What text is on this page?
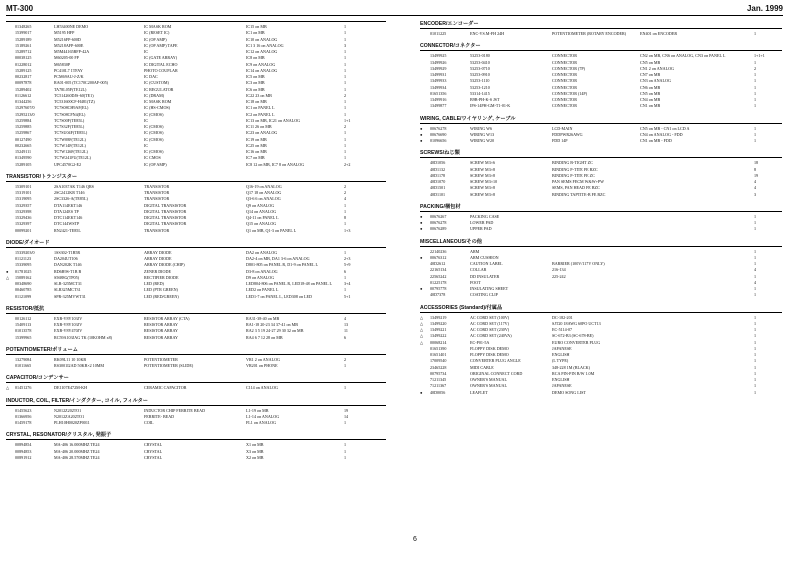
MT-300	Jan. 1999
01348265	LH53400NE DEMO	IC MASK ROM	IC15 on MB	1
15399017	M5195 HFP	IC (RESET IC)	IC1 on MB	1
15289189	M5216FP-600D	IC (OP AMP)	IC10 on ANALOG	1
15189261	M5218AFP-600E	IC (OP AMP) TAPE	IC1 3 16 on ANALOG	3
15289712	M5M44165BFP-42A	IC	IC12 on ANALOG	1
00038125	M60205-00 FP	IC (GATE ARRAY)	IC8 on MB	1
01228012	M65830P	IC DIGITAL ECHO	IC9 on ANALOG	1
15289125	PC410L7 1TFAY	PHOTO COUPLAR	IC14 on ANALOG	1
00232817	PCM69AU-J-Z/K	IC DAC	IC5 on MB	1
00097878	RA01-005 (TC170C200AF-005)	IC (CUSTOM)	IC3 on MB	1
15289402	TA78L05F(TE12L)	IC REGULATOR	IC6 on MB	1
01126612	TC514260DJS-60(TE1)	IC (DRAM)	IC22 23 on MB	2
01344256	TC531600CF-H481(TZ)	IC MASK ROM	IC18 on MB	1
15297607/0	TC7S08CH9AF(EL)	IC (HS-CMOS)	IC1 on PANEL L	1
15295213/0	TC7S08CFN4(EL)	IC (CMOS)	IC2 on PANEL L	1
15259884	TC7S00F(TE85L)	IC	IC13 on MB, IC21 on ANALOG	1+1
15259885	TC7S32F(TE85L)	IC (CMOS)	IC11 26 on MB	2
15259867	TC7SU04F(TE85L)	IC (CMOS)	IC23 on ANALOG	1
00127490	TC7W08F(TE12L)	IC (CMOS)	IC19 on MB	1
00232665	TC7W14F(TE12L)	IC	IC25 on MB	1
15249111	TC7W126F(TE12L)	IC (CMOS)	IC16 on MB	1
01349590	TC7W241FU(TE12L)	IC CMOS	IC7 on MB	1
15289105	UPC4570G2-E2	IC (OP AMP)	IC8 12 on MB, IC7 8 on ANALOG	2+2
TRANSISTOR/トランジスター
15309101	2SA1037AK T146 QRS	TRANSISTOR	Q16-19 on ANALOG	2
15319101	2SC2412KR T146	TRANSISTOR	Q17 18 on ANALOG	2
15319095	2SC3326-A(TE85L)	TRANSISTOR	Q3-6 6 on ANALOG	4
15329357	DTA114EKT146	DIGITAL TRANSISTOR	Q9 on ANALOG	1
15329398	DTA124ES TP	DIGITAL TRANSISTOR	Q14 on ANALOG	1
15329436	DTC114EKT146	DIGITAL TRANSISTOR	Q4-11 on PANEL L	8
15329397	DTC144WSTP	DIGITAL TRANSISTOR	Q15 on ANALOG	1
00099201	RN2421-TE85L	TRANSISTOR	Q1 on MB, Q1-3 on PANEL L	1+3
DIODE/ダイオード
15339203/0	1SS302-T1B5R	ARRAY DIODE	DA2 on ANALOG	1
01121123	DA204UT106	ARRAY DIODE	DA2-4 on MB, DA1 3-6 on ANALOG	2+3
15339095	DAN202K T146	ARRAY DIODE (CHIP)	D801-805 on PANEL R, D1-9 on PANEL L	5+9
●	01781025	RD6R9S-T1B B	ZENER DIODE	D3-8 on ANALOG	6
△	15089162	S5688G(TP05)	RECTIFIER DIODE	D9 on ANALOG	1
00348690	SLR-325MCT31	LED (RED)	LED804-806 on PANEL R, LED18-48 on PANEL L	3+4
00460785	SLR325MCT31	LED (PTR GREEN)	LED2 on PANEL L	1
01121099	SPR-325MVWT31	LED (RED/GREEN)	LED1-7 on PANEL L, LED308 on LED	5+1
RESISTOR/抵抗
00126112	EXB-V8V103JV	RESISTOR ARRAY (CTA)	RA31-38-40 on MB	4
15409113	EXB-V8V103JV	RESISTOR ARRAY	RA1-18 20-23 34 37-41 on MB	13
01013578	EXB-V8V470JV	RESISTOR ARRAY	RA2 3 5 19 24-27 29 30 32 on MB	11
15399965	RC59A103JAG TK (10KOHM x8)	RESISTOR ARRAY	RA4 6 7 12 28 on MB	6
POTENTIOMETER/ボリューム
13279084	RK09L11 10 10KB	POTENTIOMETER	VR1 2 on ANALOG	2
01011665	RS3001I2AD 50KB×2 10MM	POTENTIOMETER (SLIDE)	VR201 on PHONE	1
CAPACITOR/コンデンサー
△	01451276	DE1107E472M-KH	CERAMIC CAPACITOR	C114 on ANALOG	1
INDUCTOR, COIL, FILTER/インダクター, コイル, フィルター
01455623	N2012Z202TO1	INDUCTOR CHIP FERRITE BEAD	L1-19 on MB	19
01366956	N2012ZA202TO1	FERRITE- BEAD	L1-14 on ANALOG	14
01459178	PLH10H0020ZP0011	COIL	FL1 on ANALOG	1
CRYSTAL, RESONATOR/クリスタル, 発振子
00894854	MA-406 16.000MHZ TE24	CRYSTAL	X1 on MB	1
00894853	MA-406 20.000MHZ TE24	CRYSTAL	X3 on MB	1
00891912	MA-406 28.570MHZ TE24	CRYSTAL	X2 on MB	1
ENCODER/エンコーダー
01011225	ENC-VS.M-FH 24H	POTENTIOMETER (ROTARY ENCODER)	EN401 on ENCODER	1
CONNECTOR/コネクター
13499925	53253-0180	CONNECTOR	CN2 on MB, CN6 on ANALOG, CN3 on PANEL L	1+1+1
13499926	53253-0410	CONNECTOR	CN5 on MB	1
13499929	53253-0710	CONNECTOR (7P)	CN1 2 on ANALOG	2
13499931	53253-0910	CONNECTOR	CN7 on MB	1
13499933	53253-1110	CONNECTOR	CN3 on ANALOG	1
13499934	53253-1210	CONNECTOR	CN6 on MB	1
01651356	53314-1415	CONNECTOR (14P)	CN5 on MB	1
13499916	B9B-PH-K-S JST	CONNECTOR	CN4 on MB	1
13499877	IPS-14PH-GM-T1-01-K	CONNECTOR	CN1 on MB	1
WIRING, CABLE/ワイヤリング, ケーブル
●	00676278	WIRING W6	LCD-MAIN	CN5 on MB - CN1 on LCD A	1
●	00676690	WIRING W13	FDDPWR26AWG	CN4 on ANALOG - FDD	1
●	01096656	WIRING W20	FDD 14P	CN1 on MB - FDD	1
SCREWS/ねじ類
40D1056	SCREW M3×6	BINDING B-TIGHT ZC	18
40D1132	SCREW M3×8	BINDING P-TITE FE BZC	8
40D1178	SCREW M3×8	BINDING P-TITE FE ZC	19
40D1070	SCREW M3×10	PAN SEMS FECM W&W+PW	4
40D1501	SCREW M3×8	SEMS, PAN HEAD FE BZC	4
40D1101	SCREW M3×8	BINDING TAPTITE-B FE BZC	3
PACKING/梱包材
●	00676267	PACKING CASE	1
●	00676278	LOWER PAD	1
●	00676289	UPPER PAD	1
MISCELLANEOUS/その他
22140236	ARM	1
●	00676312	ARM CUSHION	1
40D2612	CAUTION LABEL	BARRIER (100V/117V ONLY)	1
22165134	COLLAR	216-134	4
22565242	DD INSULATER	225-242	1
01225178	FOOT	4
●	00795778	INSULATING SHEET	1
40D7378	COATING CLIP	1
ACCESSORIES (Standard)/付属品
△	13499219	AC CORD SET (100V)	DC-182-201	1
△	13499220	AC CORD SET (117V)	SJT20 18AWG 60PO UCT13	1
△	13499221	AC CORD SET (230V)	EC-5114-07	1
△	13499222	AC CORD SET (240VA)	SC-672-B3 (SC-678-BE)	1
△	00068214	EC-P01-5A	EURO CONVERTER PLUG	1
01651390	FLOPPY DISK DEMO	JAPANESE	1
01651401	FLOPPY DISK DEMO	ENGLISH	1
17009540	CONVERTER PLUG ANGLE	(L TYPE)	1
23465228	MIDI CABLE	348-228 1M (BLACK)	1
00795734	ORIGINAL CONNECT CORD	RCA PIN-PIN B/W 1.0M	1
71211345	OWNER'S MANUAL	ENGLISH	1
71211367	OWNER'S MANUAL	JAPANESE	1
●	40D0056	LEAFLET	DEMO SONG LIST	1
6
